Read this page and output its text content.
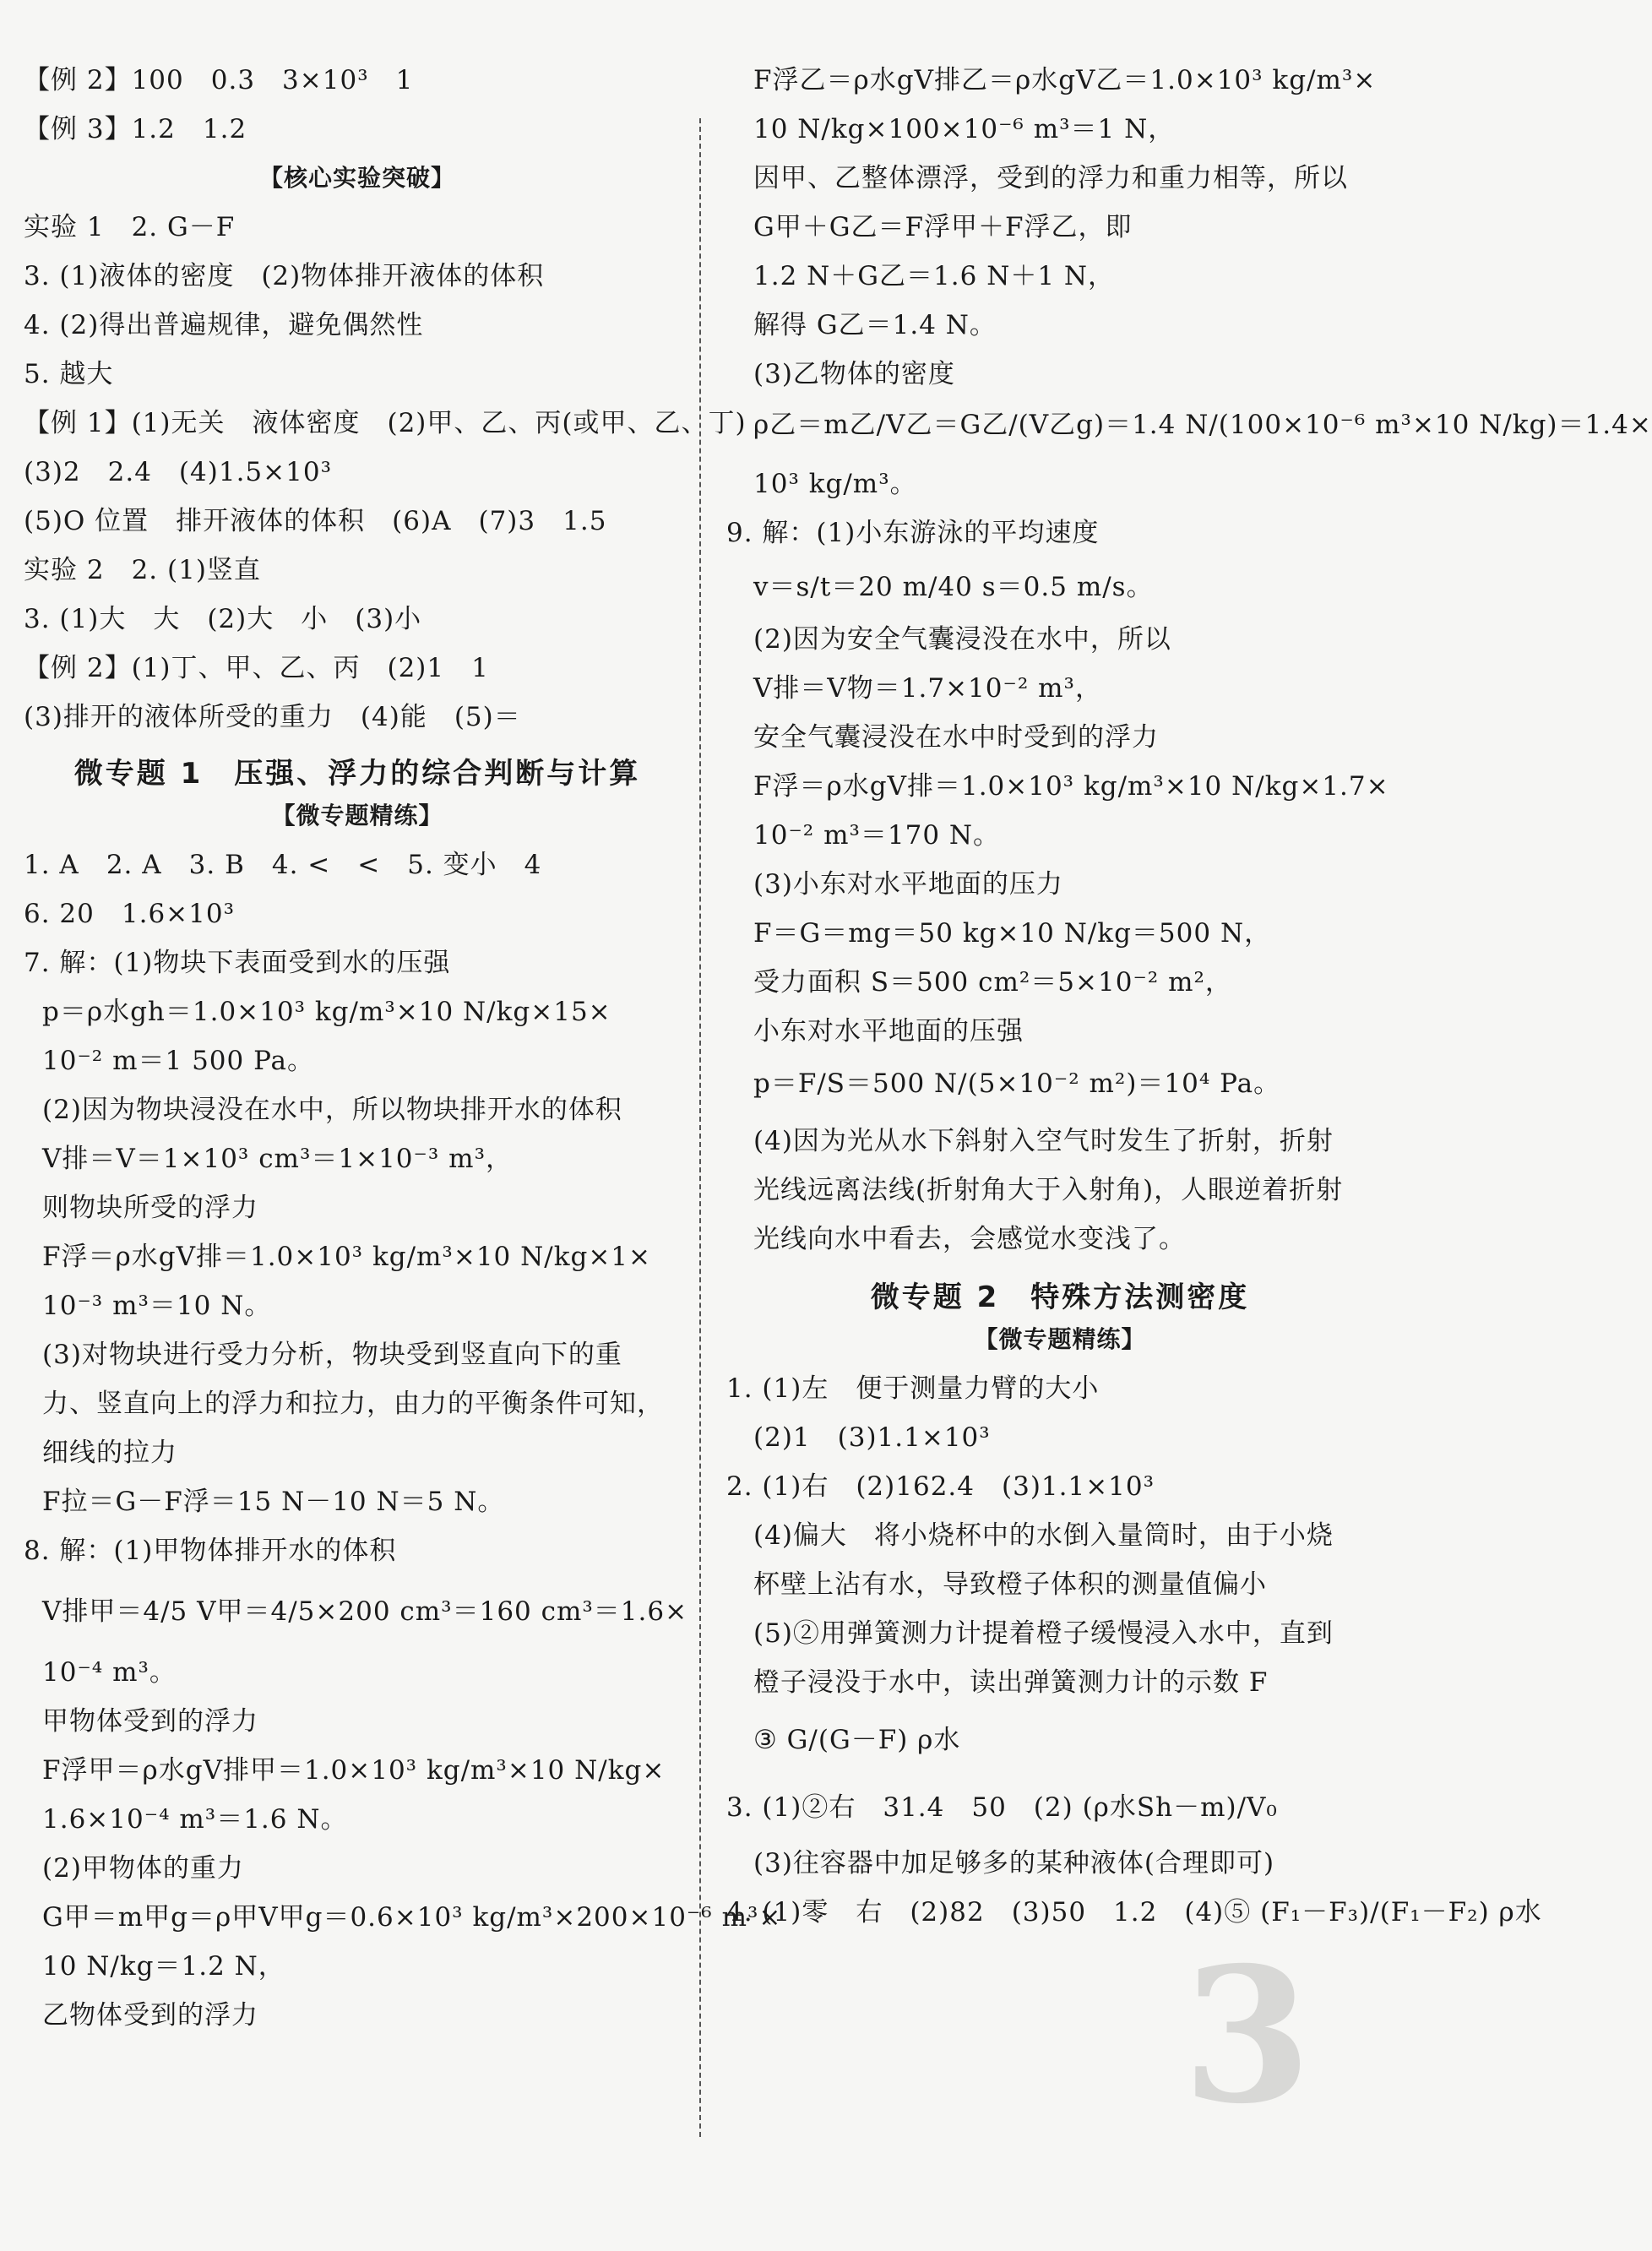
3
【例 2】100　0.3　3×10³　1
【例 3】1.2　1.2
【核心实验突破】
实验 1　2. G－F
3. (1)液体的密度　(2)物体排开液体的体积
4. (2)得出普遍规律，避免偶然性
5. 越大
【例 1】(1)无关　液体密度　(2)甲、乙、丙(或甲、乙、丁)
(3)2　2.4　(4)1.5×10³
(5)O 位置　排开液体的体积　(6)A　(7)3　1.5
实验 2　2. (1)竖直
3. (1)大　大　(2)大　小　(3)小
【例 2】(1)丁、甲、乙、丙　(2)1　1
(3)排开的液体所受的重力　(4)能　(5)＝
微专题 1　压强、浮力的综合判断与计算
【微专题精练】
1. A　2. A　3. B　4. <　<　5. 变小　4
6. 20　1.6×10³
7. 解：(1)物块下表面受到水的压强
p＝ρ水gh＝1.0×10³ kg/m³×10 N/kg×15×
10⁻² m＝1 500 Pa。
(2)因为物块浸没在水中，所以物块排开水的体积
V排＝V＝1×10³ cm³＝1×10⁻³ m³，
则物块所受的浮力
F浮＝ρ水gV排＝1.0×10³ kg/m³×10 N/kg×1×
10⁻³ m³＝10 N。
(3)对物块进行受力分析，物块受到竖直向下的重
力、竖直向上的浮力和拉力，由力的平衡条件可知，
细线的拉力
F拉＝G－F浮＝15 N－10 N＝5 N。
8. 解：(1)甲物体排开水的体积
V排甲＝4/5 V甲＝4/5×200 cm³＝160 cm³＝1.6×
10⁻⁴ m³。
甲物体受到的浮力
F浮甲＝ρ水gV排甲＝1.0×10³ kg/m³×10 N/kg×
1.6×10⁻⁴ m³＝1.6 N。
(2)甲物体的重力
G甲＝m甲g＝ρ甲V甲g＝0.6×10³ kg/m³×200×10⁻⁶ m³×
10 N/kg＝1.2 N，
乙物体受到的浮力
F浮乙＝ρ水gV排乙＝ρ水gV乙＝1.0×10³ kg/m³×
10 N/kg×100×10⁻⁶ m³＝1 N，
因甲、乙整体漂浮，受到的浮力和重力相等，所以
G甲＋G乙＝F浮甲＋F浮乙，即
1.2 N＋G乙＝1.6 N＋1 N，
解得 G乙＝1.4 N。
(3)乙物体的密度
ρ乙＝m乙/V乙＝G乙/(V乙g)＝1.4 N/(100×10⁻⁶ m³×10 N/kg)＝1.4×
10³ kg/m³。
9. 解：(1)小东游泳的平均速度
v＝s/t＝20 m/40 s＝0.5 m/s。
(2)因为安全气囊浸没在水中，所以
V排＝V物＝1.7×10⁻² m³，
安全气囊浸没在水中时受到的浮力
F浮＝ρ水gV排＝1.0×10³ kg/m³×10 N/kg×1.7×
10⁻² m³＝170 N。
(3)小东对水平地面的压力
F＝G＝mg＝50 kg×10 N/kg＝500 N，
受力面积 S＝500 cm²＝5×10⁻² m²，
小东对水平地面的压强
p＝F/S＝500 N/(5×10⁻² m²)＝10⁴ Pa。
(4)因为光从水下斜射入空气时发生了折射，折射
光线远离法线(折射角大于入射角)，人眼逆着折射
光线向水中看去，会感觉水变浅了。
微专题 2　特殊方法测密度
【微专题精练】
1. (1)左　便于测量力臂的大小
(2)1　(3)1.1×10³
2. (1)右　(2)162.4　(3)1.1×10³
(4)偏大　将小烧杯中的水倒入量筒时，由于小烧
杯壁上沾有水，导致橙子体积的测量值偏小
(5)②用弹簧测力计提着橙子缓慢浸入水中，直到
橙子浸没于水中，读出弹簧测力计的示数 F
③ G/(G－F) ρ水
3. (1)②右　31.4　50　(2) (ρ水Sh－m)/V₀
(3)往容器中加足够多的某种液体(合理即可)
4. (1)零　右　(2)82　(3)50　1.2　(4)⑤ (F₁－F₃)/(F₁－F₂) ρ水
